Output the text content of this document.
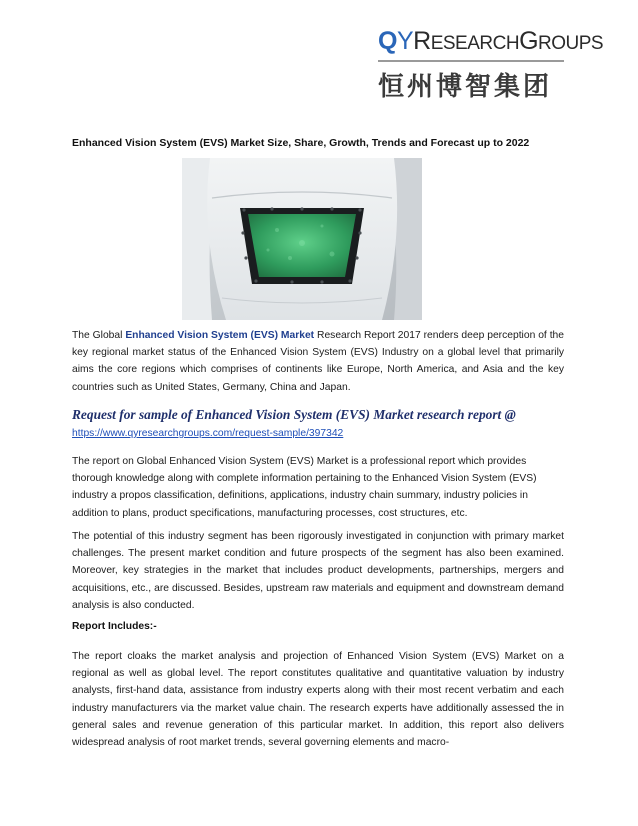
QYRESEARCHGROUPS
恒州博智集团
Enhanced Vision System (EVS) Market Size, Share, Growth, Trends and Forecast up to 2022

The Global Enhanced Vision System (EVS) Market Research Report 2017 renders deep perception of the key regional market status of the Enhanced Vision System (EVS) Industry on a global level that primarily aims the core regions which comprises of continents like Europe, North America, and Asia and the key countries such as United States, Germany, China and Japan.

Request for sample of Enhanced Vision System (EVS) Market research report @
https://www.qyresearchgroups.com/request-sample/397342

The report on Global Enhanced Vision System (EVS) Market is a professional report which provides thorough knowledge along with complete information pertaining to the Enhanced Vision System (EVS) industry a propos classification, definitions, applications, industry chain summary, industry policies in addition to plans, product specifications, manufacturing processes, cost structures, etc.

The potential of this industry segment has been rigorously investigated in conjunction with primary market challenges. The present market condition and future prospects of the segment has also been examined. Moreover, key strategies in the market that includes product developments, partnerships, mergers and acquisitions, etc., are discussed. Besides, upstream raw materials and equipment and downstream demand analysis is also conducted.

Report Includes:-

The report cloaks the market analysis and projection of Enhanced Vision System (EVS) Market on a regional as well as global level. The report constitutes qualitative and quantitative valuation by industry analysts, first-hand data, assistance from industry experts along with their most recent verbatim and each industry manufacturers via the market value chain. The research experts have additionally assessed the in general sales and revenue generation of this particular market. In addition, this report also delivers widespread analysis of root market trends, several governing elements and macro-
